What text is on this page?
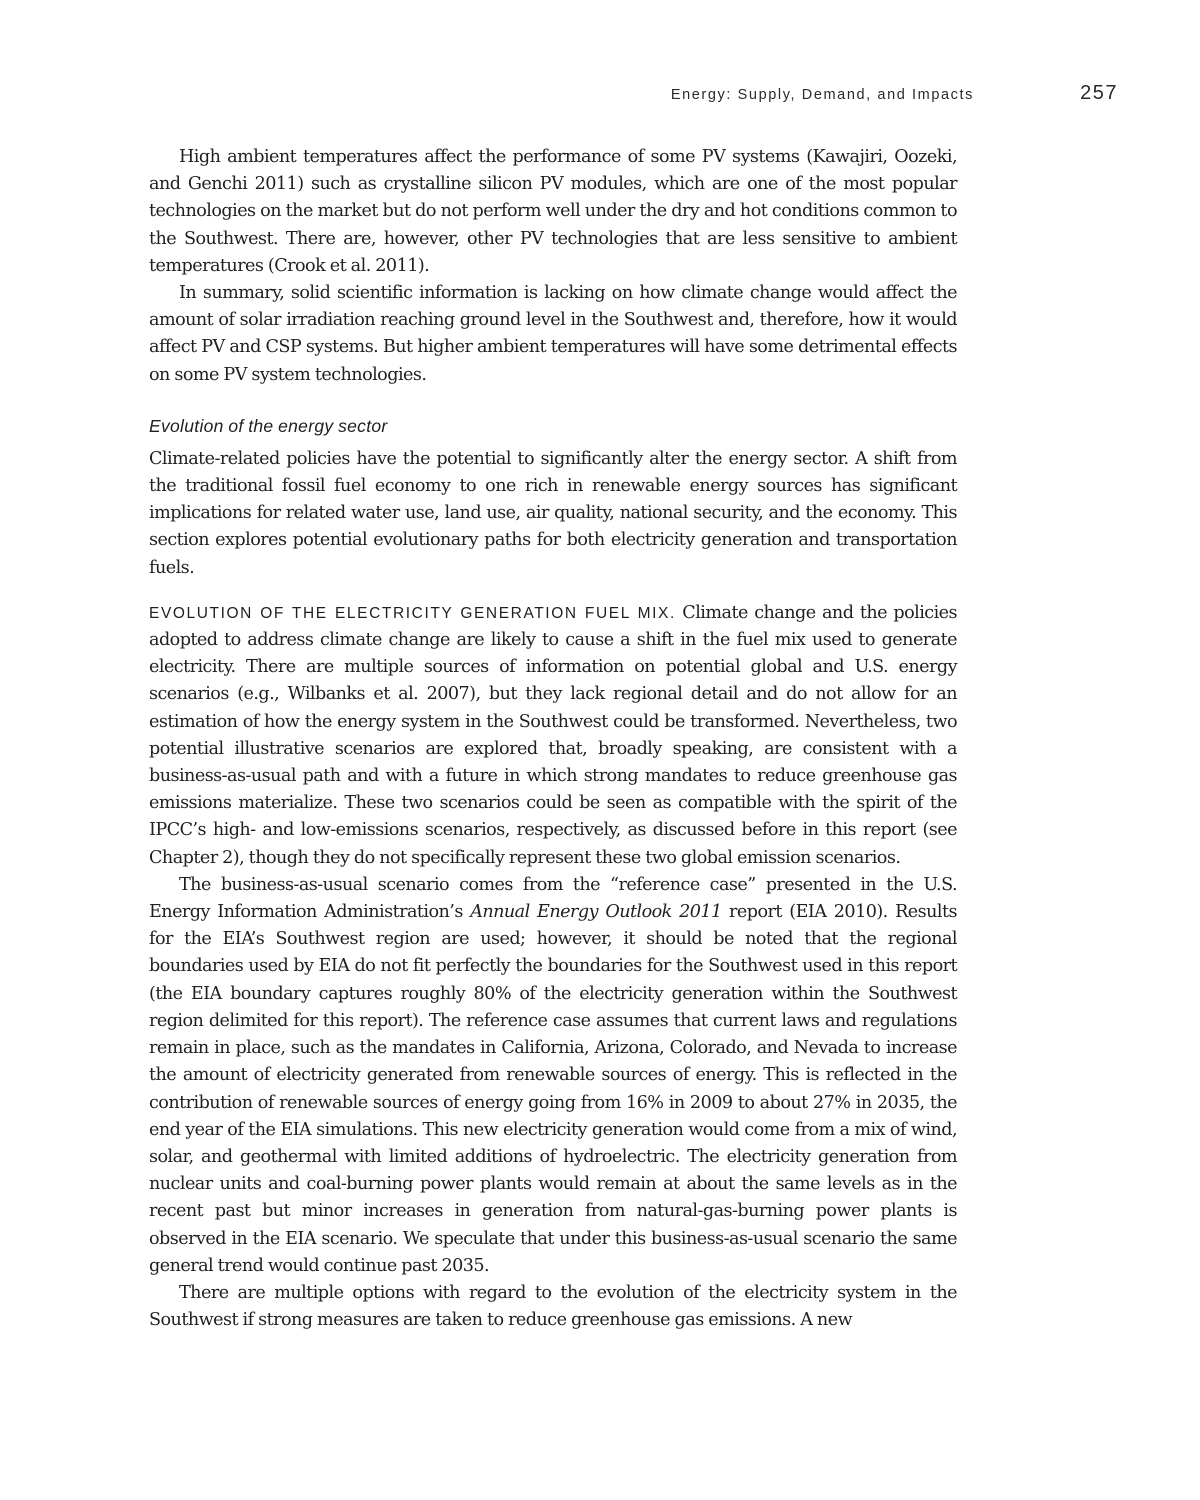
Energy: Supply, Demand, and Impacts	257

High ambient temperatures affect the performance of some PV systems (Kawajiri, Oozeki, and Genchi 2011) such as crystalline silicon PV modules, which are one of the most popular technologies on the market but do not perform well under the dry and hot conditions common to the Southwest. There are, however, other PV technologies that are less sensitive to ambient temperatures (Crook et al. 2011).

In summary, solid scientific information is lacking on how climate change would affect the amount of solar irradiation reaching ground level in the Southwest and, therefore, how it would affect PV and CSP systems. But higher ambient temperatures will have some detrimental effects on some PV system technologies.

Evolution of the energy sector

Climate-related policies have the potential to significantly alter the energy sector. A shift from the traditional fossil fuel economy to one rich in renewable energy sources has significant implications for related water use, land use, air quality, national security, and the economy. This section explores potential evolutionary paths for both electricity generation and transportation fuels.

EVOLUTION OF THE ELECTRICITY GENERATION FUEL MIX. Climate change and the policies adopted to address climate change are likely to cause a shift in the fuel mix used to generate electricity. There are multiple sources of information on potential global and U.S. energy scenarios (e.g., Wilbanks et al. 2007), but they lack regional detail and do not allow for an estimation of how the energy system in the Southwest could be transformed. Nevertheless, two potential illustrative scenarios are explored that, broadly speaking, are consistent with a business-as-usual path and with a future in which strong mandates to reduce greenhouse gas emissions materialize. These two scenarios could be seen as compatible with the spirit of the IPCC’s high- and low-emissions scenarios, respectively, as discussed before in this report (see Chapter 2), though they do not specifically represent these two global emission scenarios.

The business-as-usual scenario comes from the “reference case” presented in the U.S. Energy Information Administration’s Annual Energy Outlook 2011 report (EIA 2010). Results for the EIA’s Southwest region are used; however, it should be noted that the regional boundaries used by EIA do not fit perfectly the boundaries for the Southwest used in this report (the EIA boundary captures roughly 80% of the electricity generation within the Southwest region delimited for this report). The reference case assumes that current laws and regulations remain in place, such as the mandates in California, Arizona, Colorado, and Nevada to increase the amount of electricity generated from renewable sources of energy. This is reflected in the contribution of renewable sources of energy going from 16% in 2009 to about 27% in 2035, the end year of the EIA simulations. This new electricity generation would come from a mix of wind, solar, and geothermal with limited additions of hydroelectric. The electricity generation from nuclear units and coal-burning power plants would remain at about the same levels as in the recent past but minor increases in generation from natural-gas-burning power plants is observed in the EIA scenario. We speculate that under this business-as-usual scenario the same general trend would continue past 2035.

There are multiple options with regard to the evolution of the electricity system in the Southwest if strong measures are taken to reduce greenhouse gas emissions. A new
